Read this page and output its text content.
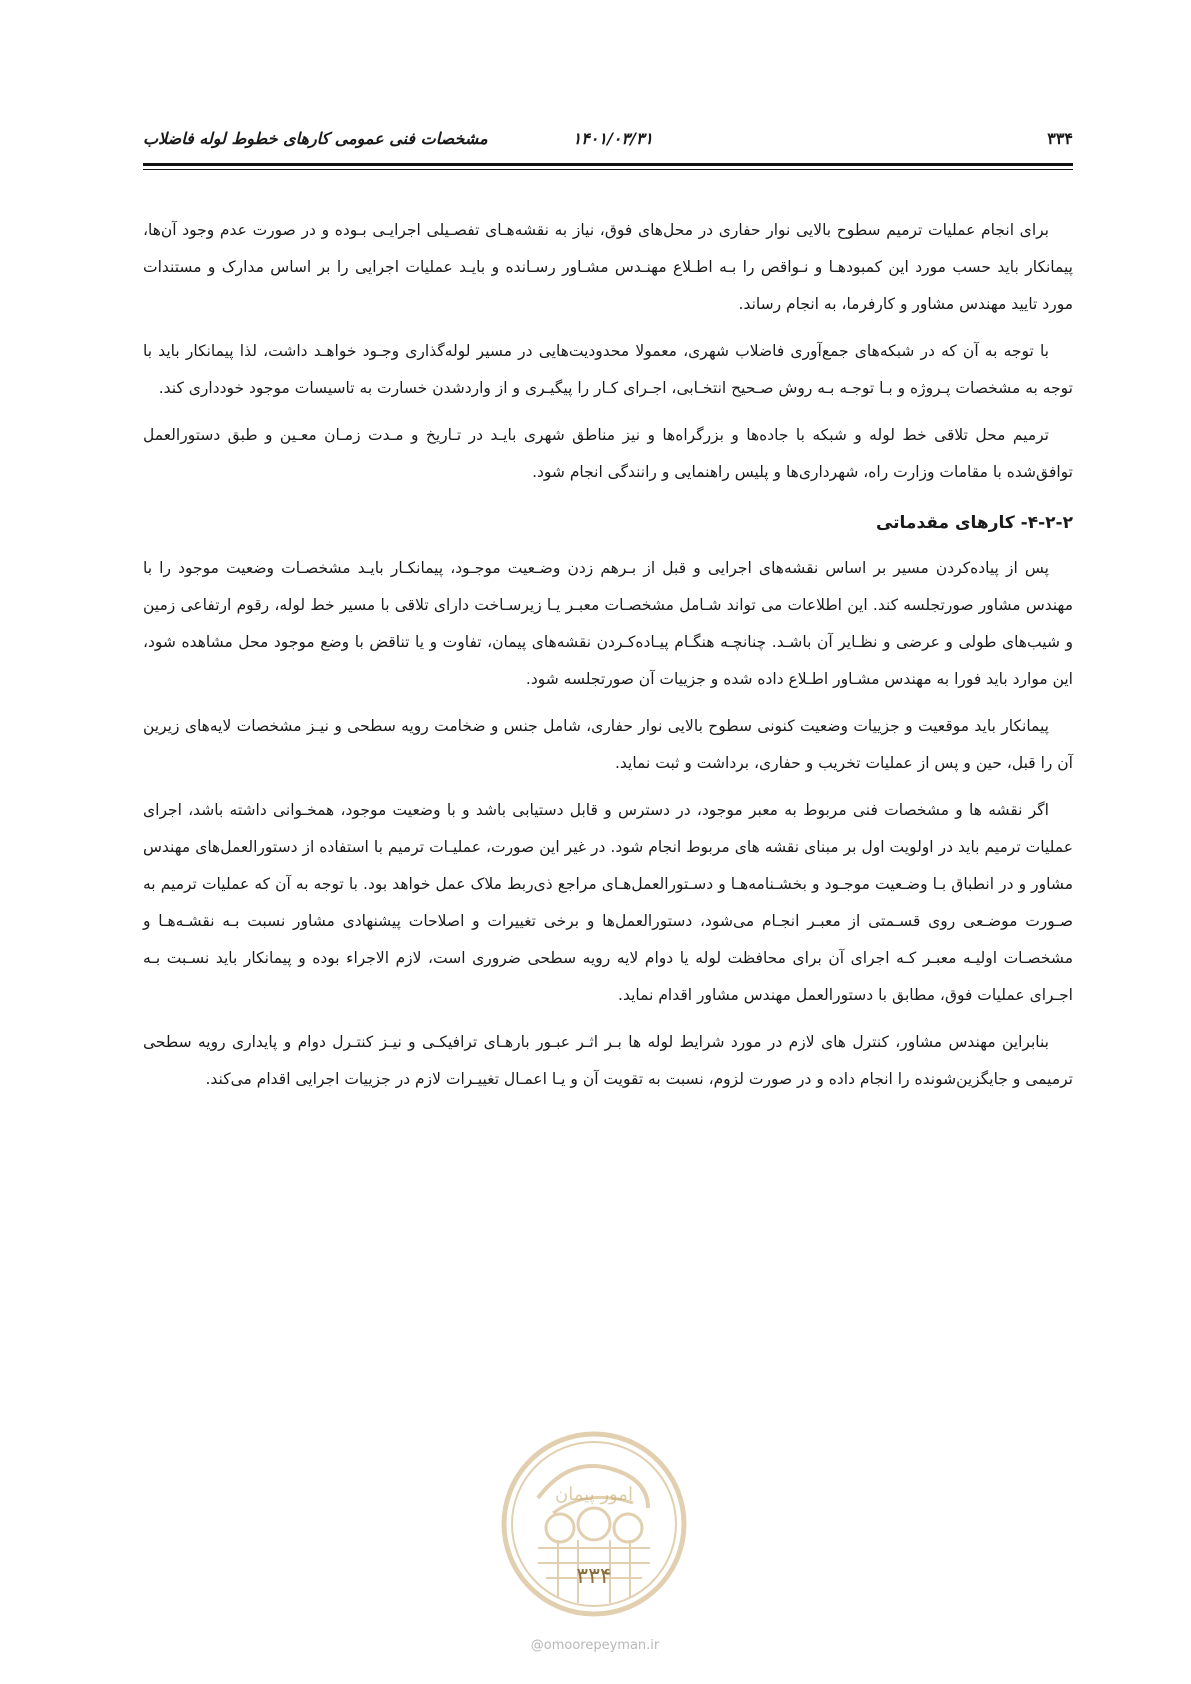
۳۳۴
۱۴۰۱/۰۳/۳۱
مشخصات فنی عمومی کارهای خطوط لوله فاضلاب

برای انجام عملیات ترمیم سطوح بالایی نوار حفاری در محل‌های فوق، نیاز به نقشه‌هـای تفصـیلی اجرایـی بـوده و در صورت عدم وجود آن‌ها، پیمانکار باید حسب مورد این کمبودهـا و نـواقص را بـه اطـلاع مهنـدس مشـاور رسـانده و بایـد عملیات اجرایی را بر اساس مدارک و مستندات مورد تایید مهندس مشاور و کارفرما، به انجام رساند.

با توجه به آن که در شبکه‌های جمع‌آوری فاضلاب شهری، معمولا محدودیت‌هایی در مسیر لوله‌گذاری وجـود خواهـد داشت، لذا پیمانکار باید با توجه به مشخصات پـروژه و بـا توجـه بـه روش صـحیح انتخـابی، اجـرای کـار را پیگیـری و از واردشدن خسارت به تاسیسات موجود خودداری کند.

ترمیم محل تلاقی خط لوله و شبکه با جاده‌ها و بزرگراه‌ها و نیز مناطق شهری بایـد در تـاریخ و مـدت زمـان معـین و طبق دستورالعمل توافق‌شده با مقامات وزارت راه، شهرداری‌ها و پلیس راهنمایی و رانندگی انجام شود.

۴-۲-۲- کارهای مقدماتی

پس از پیاده‌کردن مسیر بر اساس نقشه‌های اجرایی و قبل از بـرهم زدن وضـعیت موجـود، پیمانکـار بایـد مشخصـات وضعیت موجود را با مهندس مشاور صورتجلسه کند. این اطلاعات می تواند شـامل مشخصـات معبـر یـا زیرسـاخت دارای تلاقی با مسیر خط لوله، رقوم ارتفاعی زمین و شیب‌های طولی و عرضی و نظـایر آن باشـد. چنانچـه هنگـام پیـاده‌کـردن نقشه‌های پیمان، تفاوت و یا تناقض با وضع موجود محل مشاهده شود، این موارد باید فورا به مهندس مشـاور اطـلاع داده شده و جزییات آن صورتجلسه شود.

پیمانکار باید موقعیت و جزییات وضعیت کنونی سطوح بالایی نوار حفاری، شامل جنس و ضخامت رویه سطحی و نیـز مشخصات لایه‌های زیرین آن را قبل، حین و پس از عملیات تخریب و حفاری، برداشت و ثبت نماید.

اگر نقشه ها و مشخصات فنی مربوط به معبر موجود، در دسترس و قابل دستیابی باشد و با وضعیت موجود، همخـوانی داشته باشد، اجرای عملیات ترمیم باید در اولویت اول بر مبنای نقشه های مربوط انجام شود. در غیر این صورت، عملیـات ترمیم با استفاده از دستورالعمل‌های مهندس مشاور و در انطباق بـا وضـعیت موجـود و بخشـنامه‌هـا و دسـتورالعمل‌هـای مراجع ذی‌ربط ملاک عمل خواهد بود. با توجه به آن که عملیات ترمیم به صـورت موضـعی روی قسـمتی از معبـر انجـام می‌شود، دستورالعمل‌ها و برخی تغییرات و اصلاحات پیشنهادی مشاور نسبت بـه نقشـه‌هـا و مشخصـات اولیـه معبـر کـه اجرای آن برای محافظت لوله یا دوام لایه رویه سطحی ضروری است، لازم الاجراء بوده و پیمانکار باید نسـبت بـه اجـرای عملیات فوق، مطابق با دستورالعمل مهندس مشاور اقدام نماید.

بنابراین مهندس مشاور، کنترل های لازم در مورد شرایط لوله ها بـر اثـر عبـور بارهـای ترافیکـی و نیـز کنتـرل دوام و پایداری رویه سطحی ترمیمی و جایگزین‌شونده را انجام داده و در صورت لزوم، نسبت به تقویت آن و یـا اعمـال تغییـرات لازم در جزییات اجرایی اقدام می‌کند.

امور پیمان
۳۳۴
@omoorepeyman.ir
